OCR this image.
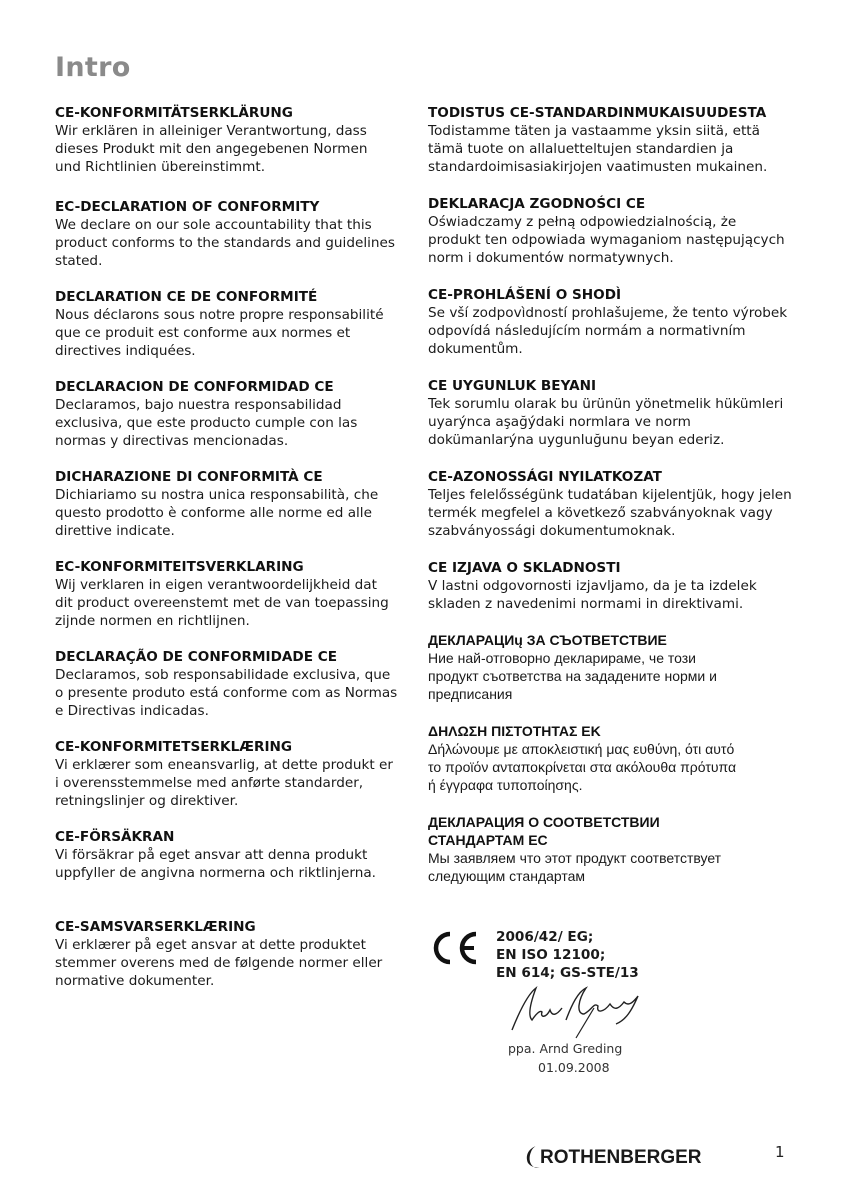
Intro
CE-KONFORMITÄTSERKLÄRUNG

Wir erklären in alleiniger Verantwortung, dass
dieses Produkt mit den angegebenen Normen
und Richtlinien übereinstimmt.

EC-DECLARATION OF CONFORMITY

We declare on our sole accountability that this
product conforms to the standards and guidelines
stated.

DECLARATION CE DE CONFORMITÉ

Nous déclarons sous notre propre responsabilité
que ce produit est conforme aux normes et
directives indiquées.

DECLARACION DE CONFORMIDAD CE

Declaramos, bajo nuestra responsabilidad
exclusiva, que este producto cumple con las
normas y directivas mencionadas.

DICHARAZIONE DI CONFORMITÀ CE

Dichiariamo su nostra unica responsabilità, che
questo prodotto è conforme alle norme ed alle
direttive indicate.

EC-KONFORMITEITSVERKLARING

Wij verklaren in eigen verantwoordelijkheid dat
dit product overeenstemt met de van toepassing
zijnde normen en richtlijnen.

DECLARAÇÃO DE CONFORMIDADE CE

Declaramos, sob responsabilidade exclusiva, que
o presente produto está conforme com as Normas
e Directivas indicadas.

CE-KONFORMITETSERKLÆRING

Vi erklærer som eneansvarlig, at dette produkt er
i overensstemmelse med anførte standarder,
retningslinjer og direktiver.

CE-FÖRSÄKRAN

Vi försäkrar på eget ansvar att denna produkt
uppfyller de angivna normerna och riktlinjerna.

CE-SAMSVARSERKLÆRING

Vi erklærer på eget ansvar at dette produktet
stemmer overens med de følgende normer eller
normative dokumenter.

TODISTUS CE-STANDARDINMUKAISUUDESTA

Todistamme täten ja vastaamme yksin siitä, että
tämä tuote on allaluetteltujen standardien ja
standardoimisasiakirjojen vaatimusten mukainen.

DEKLARACJA ZGODNOŚCI CE

Oświadczamy z pełną odpowiedzialnością, że
produkt ten odpowiada wymaganiom następujących
norm i dokumentów normatywnych.

CE-PROHLÁŠENÍ O SHODÌ

Se vší zodpovìdností prohlašujeme, že tento výrobek
odpovídá následujícím normám a normativním
dokumentům.

CE UYGUNLUK BEYANI

Tek sorumlu olarak bu ürünün yönetmelik hükümleri
uyarýnca aşağýdaki normlara ve norm
dokümanlarýna uygunluğunu beyan ederiz.

CE-AZONOSSÁGI NYILATKOZAT

Teljes felelősségünk tudatában kijelentjük, hogy jelen
termék megfelel a következő szabványoknak vagy
szabványossági dokumentumoknak.

CE IZJAVA O SKLADNOSTI

V lastni odgovornosti izjavljamo, da je ta izdelek
skladen z navedenimi normami in direktivami.

ДЕКЛАРАЦИų ЗА СЪОТВЕТСТВИЕ

Ние най-отговорно декларираме, че този
продукт съответства на зададените норми и
предписания

ΔΗΛΩΣΗ ΠΙΣΤΟΤΗΤΑΣ ΕΚ

Δήλώνουμε με αποκλειστική μας ευθύνη, ότι αυτό
το προϊόν ανταποκρίνεται στα ακόλουθα πρότυπα
ή έγγραφα τυποποίησης.

ДЕКЛАРАЦИЯ О СООТВЕТСТВИИ
СТАНДАРТАМ ЕС

Мы заявляем что этот продукт соответствует
следующим стандартам

2006/42/ EG;
EN ISO 12100;
EN 614; GS-STE/13
ppa. Arnd Greding
01.09.2008
ROTHENBERGER	1
